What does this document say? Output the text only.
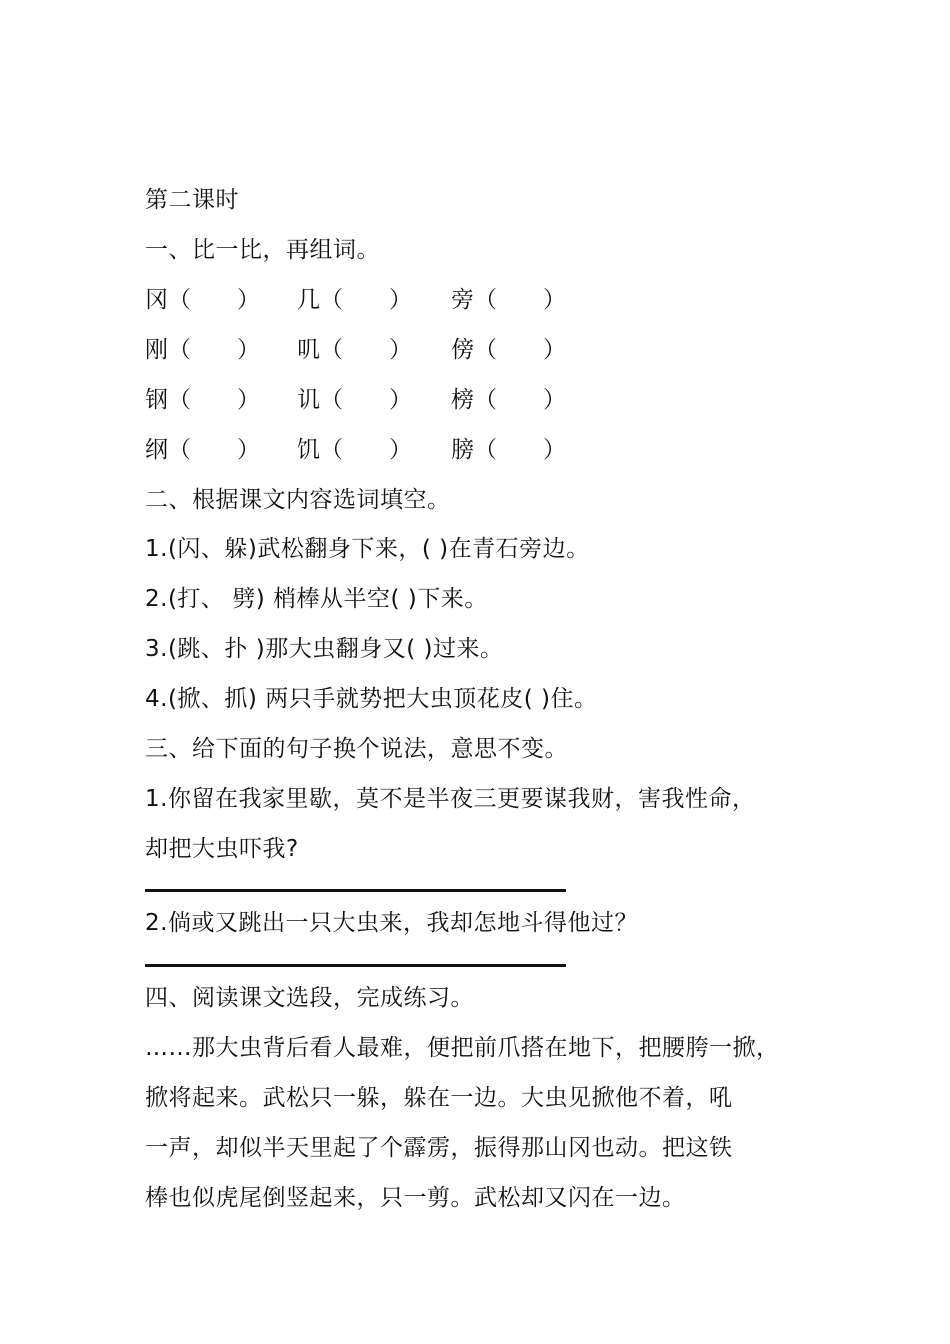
第二课时
一、比一比，再组词。
冈（　　） 几（　　） 旁（　　）
刚（　　） 叽（　　） 傍（　　）
钢（　　） 讥（　　） 榜（　　）
纲（　　） 饥（　　） 膀（　　）
二、根据课文内容选词填空。
1.(闪、躲)武松翻身下来，( )在青石旁边。
2.(打、 劈) 梢棒从半空( )下来。
3.(跳、扑 )那大虫翻身又( )过来。
4.(掀、抓) 两只手就势把大虫顶花皮( )住。
三、给下面的句子换个说法，意思不变。
1.你留在我家里歇，莫不是半夜三更要谋我财，害我性命，
却把大虫吓我?
2.倘或又跳出一只大虫来，我却怎地斗得他过？
四、阅读课文选段，完成练习。
……那大虫背后看人最难，便把前爪搭在地下，把腰胯一掀，
掀将起来。武松只一躲，躲在一边。大虫见掀他不着，吼
一声，却似半天里起了个霹雳，振得那山冈也动。把这铁
棒也似虎尾倒竖起来，只一剪。武松却又闪在一边。
